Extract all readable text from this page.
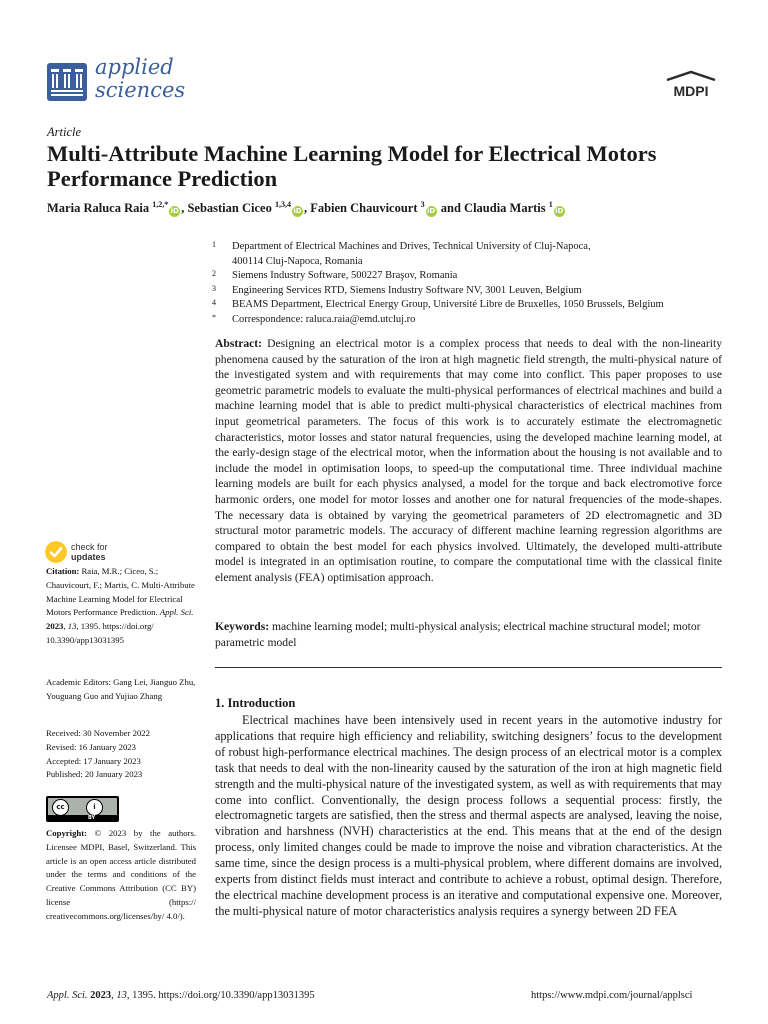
applied
sciences	MDPI
Article
Multi-Attribute Machine Learning Model for Electrical Motors Performance Prediction
Maria Raluca Raia $^{1,2,*}$iD , Sebastian Ciceo $^{1,3,4}$iD , Fabien Chauvicourt $^3$iD and Claudia Martis $^1$iD
1 Department of Electrical Machines and Drives, Technical University of Cluj-Napoca,
400114 Cluj-Napoca, Romania
2 Siemens Industry Software, 500227 Braşov, Romania
3 Engineering Services RTD, Siemens Industry Software NV, 3001 Leuven, Belgium
4 BEAMS Department, Electrical Energy Group, Université Libre de Bruxelles, 1050 Brussels, Belgium
* Correspondence: raluca.raia@emd.utcluj.ro
Abstract: Designing an electrical motor is a complex process that needs to deal with the non-linearity phenomena caused by the saturation of the iron at high magnetic field strength, the multi-physical nature of the investigated system and with requirements that may come into conflict. This paper proposes to use geometric parametric models to evaluate the multi-physical performances of electrical machines and build a machine learning model that is able to predict multi-physical characteristics of electrical machines from input geometrical parameters. The focus of this work is to accurately estimate the electromagnetic characteristics, motor losses and stator natural frequencies, using the developed machine learning model, at the early-design stage of the electrical motor, when the information about the housing is not available and to include the model in optimisation loops, to speed-up the computational time. Three individual machine learning models are built for each physics analysed, a model for the torque and back electromotive force harmonic orders, one model for motor losses and another one for natural frequencies of the mode-shapes. The necessary data is obtained by varying the geometrical parameters of 2D electromagnetic and 3D structural motor parametric models. The accuracy of different machine learning regression algorithms are compared to obtain the best model for each physics involved. Ultimately, the developed multi-attribute model is integrated in an optimisation routine, to compare the computational time with the classical finite element analysis (FEA) optimisation approach.
Keywords: machine learning model; multi-physical analysis; electrical machine structural model; motor parametric model
1. Introduction
Electrical machines have been intensively used in recent years in the automotive industry for applications that require high efficiency and reliability, switching designers’ focus to the development of robust high-performance electrical machines. The design process of an electrical motor is a complex task that needs to deal with the non-linearity caused by the saturation of the iron at high magnetic field strength and the multi-physical nature of the investigated system, as well as with requirements that may come into conflict. Conventionally, the design process follows a sequential process: firstly, the electromagnetic targets are satisfied, then the stress and thermal aspects are analysed, leaving the noise, vibration and harshness (NVH) characteristics at the end. This means that at the end of the design process, only limited changes could be made to improve the noise and vibration characteristics. At the same time, since the design process is a multi-physical problem, where different domains are involved, experts from distinct fields must interact and contribute to achieve a robust, optimal design. Therefore, the electrical machine development process is an iterative and computational expensive one. Moreover, the multi-physical nature of motor characteristics analysis requires a synergy between 2D FEA
check for
updates
Citation: Raia, M.R.; Ciceo, S.; Chauvicourt, F.; Martis, C. Multi-Attribute Machine Learning Model for Electrical Motors Performance Prediction. Appl. Sci. 2023, 13, 1395. https://doi.org/ 10.3390/app13031395
Academic Editors: Gang Lei, Jianguo Zhu, Youguang Guo and Yujiao Zhang
Received: 30 November 2022
Revised: 16 January 2023
Accepted: 17 January 2023
Published: 20 January 2023
cc	i
BY
Copyright: © 2023 by the authors. Licensee MDPI, Basel, Switzerland. This article is an open access article distributed under the terms and conditions of the Creative Commons Attribution (CC BY) license (https:// creativecommons.org/licenses/by/ 4.0/).
Appl. Sci. 2023, 13, 1395. https://doi.org/10.3390/app13031395	https://www.mdpi.com/journal/applsci
